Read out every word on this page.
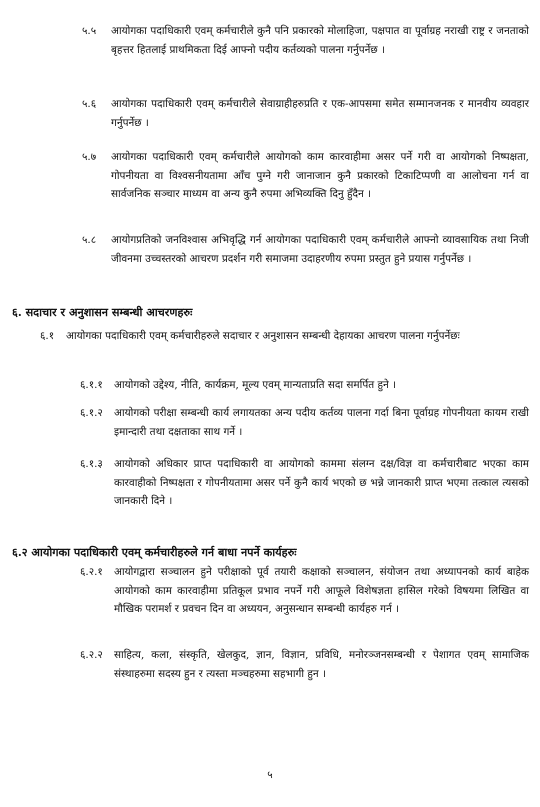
५.५ आयोगका पदाधिकारी एवम् कर्मचारीले कुनै पनि प्रकारको मोलाहिजा, पक्षपात वा पूर्वाग्रह नराखी राष्ट्र र जनताको बृहत्तर हितलाई प्राथमिकता दिई आफ्नो पदीय कर्तव्यको पालना गर्नुपर्नेछ ।
५.६ आयोगका पदाधिकारी एवम् कर्मचारीले सेवाग्राहीहरुप्रति र एक-आपसमा समेत सम्मानजनक र मानवीय व्यवहार गर्नुपर्नेछ ।
५.७ आयोगका पदाधिकारी एवम् कर्मचारीले आयोगको काम कारवाहीमा असर पर्ने गरी वा आयोगको निष्पक्षता, गोपनीयता वा विश्वसनीयतामा आँच पुग्ने गरी जानाजान कुनै प्रकारको टिकाटिप्पणी वा आलोचना गर्न वा सार्वजनिक सञ्चार माध्यम वा अन्य कुनै रुपमा अभिव्यक्ति दिनु हुँदैन ।
५.८ आयोगप्रतिको जनविश्वास अभिवृद्धि गर्न आयोगका पदाधिकारी एवम् कर्मचारीले आफ्नो व्यावसायिक तथा निजी जीवनमा उच्चस्तरको आचरण प्रदर्शन गरी समाजमा उदाहरणीय रुपमा प्रस्तुत हुने प्रयास गर्नुपर्नेछ ।
६. सदाचार र अनुशासन सम्बन्धी आचरणहरुः
६.१ आयोगका पदाधिकारी एवम् कर्मचारीहरुले सदाचार र अनुशासन सम्बन्धी देहायका आचरण पालना गर्नुपर्नेछः
६.१.१ आयोगको उद्देश्य, नीति, कार्यक्रम, मूल्य एवम् मान्यताप्रति सदा समर्पित हुने ।
६.१.२ आयोगको परीक्षा सम्बन्धी कार्य लगायतका अन्य पदीय कर्तव्य पालना गर्दा बिना पूर्वाग्रह गोपनीयता कायम राखी इमान्दारी तथा दक्षताका साथ गर्ने ।
६.१.३ आयोगको अधिकार प्राप्त पदाधिकारी वा आयोगको काममा संलग्न दक्ष/विज्ञ वा कर्मचारीबाट भएका काम कारवाहीको निष्पक्षता र गोपनीयतामा असर पर्ने कुनै कार्य भएको छ भन्ने जानकारी प्राप्त भएमा तत्काल त्यसको जानकारी दिने ।
६.२ आयोगका पदाधिकारी एवम् कर्मचारीहरुले गर्न बाधा नपर्ने कार्यहरुः
६.२.१ आयोगद्वारा सञ्चालन हुने परीक्षाको पूर्व तयारी कक्षाको सञ्चालन, संयोजन तथा अध्यापनको कार्य बाहेक आयोगको काम कारवाहीमा प्रतिकूल प्रभाव नपर्ने गरी आफूले विशेषज्ञता हासिल गरेको विषयमा लिखित वा मौखिक परामर्श र प्रवचन दिन वा अध्ययन, अनुसन्धान सम्बन्धी कार्यहरु गर्न ।
६.२.२ साहित्य, कला, संस्कृति, खेलकुद, ज्ञान, विज्ञान, प्रविधि, मनोरञ्जनसम्बन्धी र पेशागत एवम् सामाजिक संस्थाहरुमा सदस्य हुन र त्यस्ता मञ्चहरुमा सहभागी हुन ।
५
